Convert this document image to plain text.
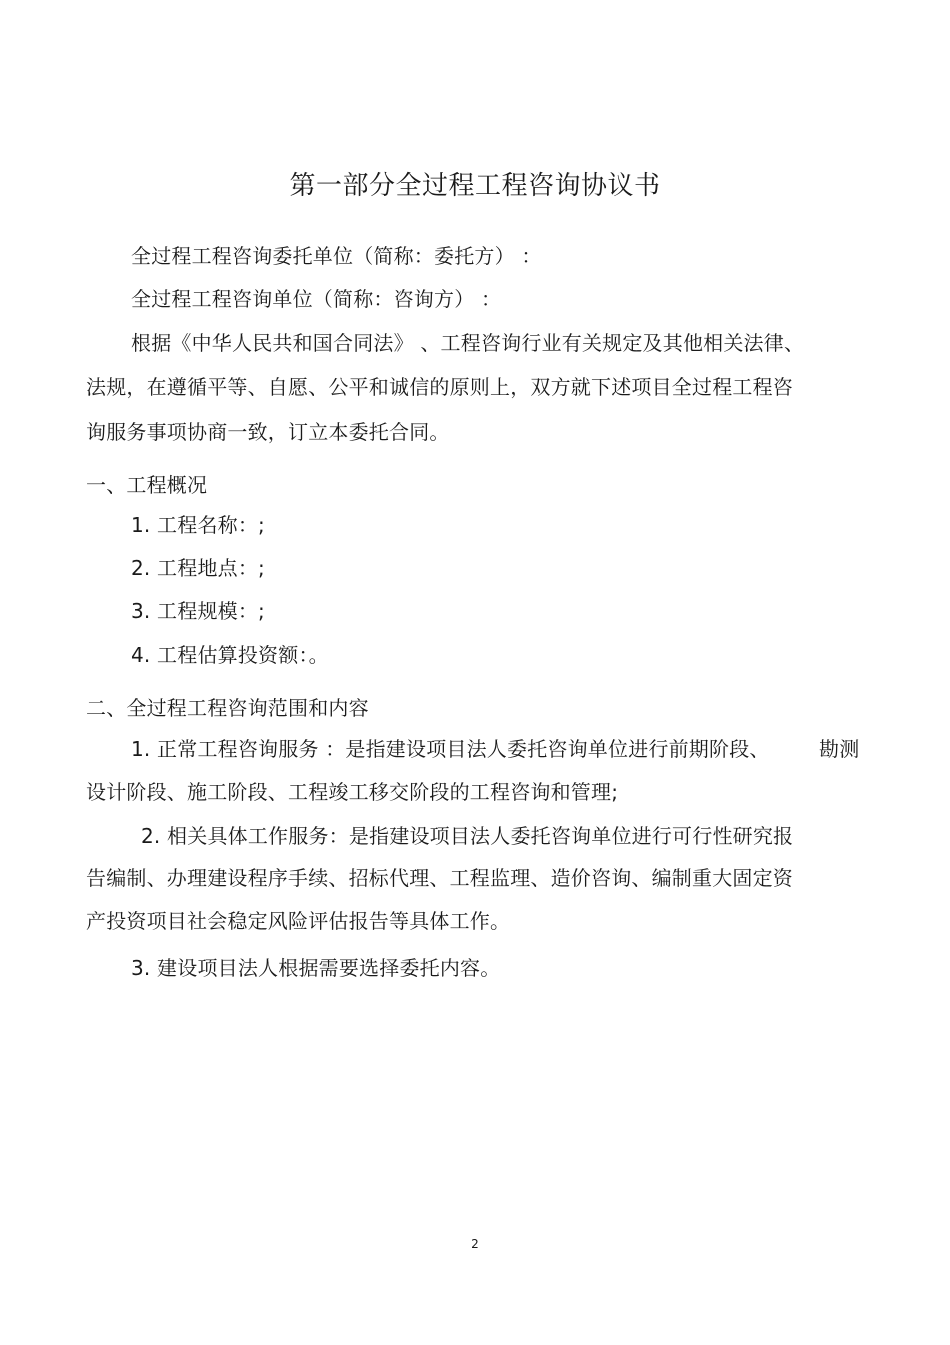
第一部分全过程工程咨询协议书
全过程工程咨询委托单位（简称：委托方） ：
全过程工程咨询单位（简称：咨询方） ：
根据《中华人民共和国合同法》 、工程咨询行业有关规定及其他相关法律、
法规，在遵循平等、自愿、公平和诚信的原则上，双方就下述项目全过程工程咨
询服务事项协商一致，订立本委托合同。
一、工程概况
1. 工程名称：;
2. 工程地点：;
3. 工程规模：;
4. 工程估算投资额：。
二、全过程工程咨询范围和内容
1. 正常工程咨询服务 ：是指建设项目法人委托咨询单位进行前期阶段、 勘测
设计阶段、施工阶段、工程竣工移交阶段的工程咨询和管理;
2. 相关具体工作服务：是指建设项目法人委托咨询单位进行可行性研究报
告编制、办理建设程序手续、招标代理、工程监理、造价咨询、编制重大固定资
产投资项目社会稳定风险评估报告等具体工作。
3. 建设项目法人根据需要选择委托内容。
2
